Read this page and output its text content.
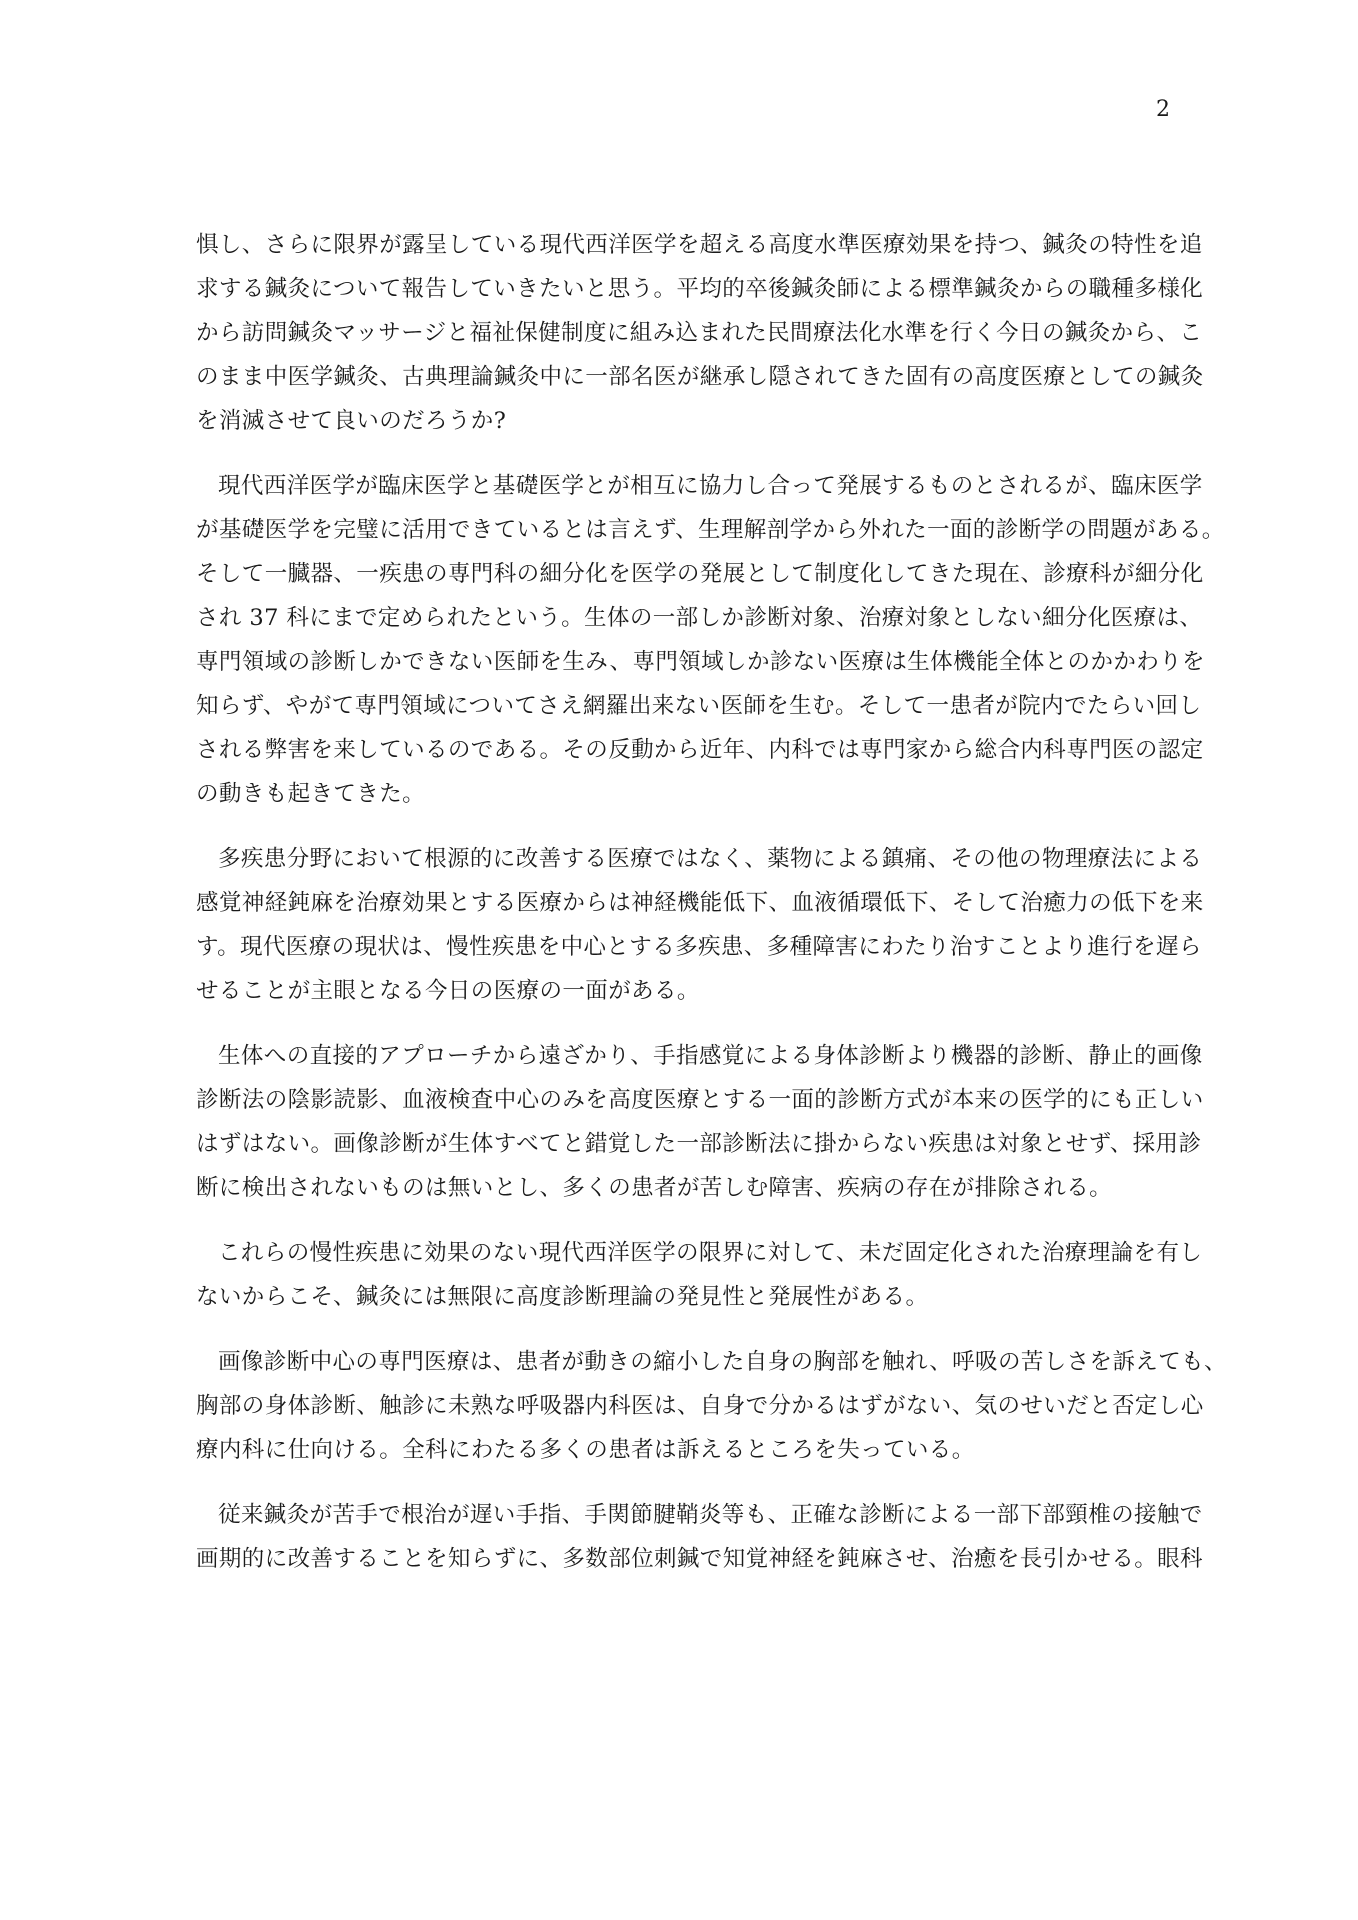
2

惧し、さらに限界が露呈している現代西洋医学を超える高度水準医療効果を持つ、鍼灸の特性を追
求する鍼灸について報告していきたいと思う。平均的卒後鍼灸師による標準鍼灸からの職種多様化
から訪問鍼灸マッサージと福祉保健制度に組み込まれた民間療法化水準を行く今日の鍼灸から、こ
のまま中医学鍼灸、古典理論鍼灸中に一部名医が継承し隠されてきた固有の高度医療としての鍼灸
を消滅させて良いのだろうか?

現代西洋医学が臨床医学と基礎医学とが相互に協力し合って発展するものとされるが、臨床医学
が基礎医学を完璧に活用できているとは言えず、生理解剖学から外れた一面的診断学の問題がある。
そして一臓器、一疾患の専門科の細分化を医学の発展として制度化してきた現在、診療科が細分化
され 37 科にまで定められたという。生体の一部しか診断対象、治療対象としない細分化医療は、
専門領域の診断しかできない医師を生み、専門領域しか診ない医療は生体機能全体とのかかわりを
知らず、やがて専門領域についてさえ網羅出来ない医師を生む。そして一患者が院内でたらい回し
される弊害を来しているのである。その反動から近年、内科では専門家から総合内科専門医の認定
の動きも起きてきた。

多疾患分野において根源的に改善する医療ではなく、薬物による鎮痛、その他の物理療法による
感覚神経鈍麻を治療効果とする医療からは神経機能低下、血液循環低下、そして治癒力の低下を来
す。現代医療の現状は、慢性疾患を中心とする多疾患、多種障害にわたり治すことより進行を遅ら
せることが主眼となる今日の医療の一面がある。

生体への直接的アプローチから遠ざかり、手指感覚による身体診断より機器的診断、静止的画像
診断法の陰影読影、血液検査中心のみを高度医療とする一面的診断方式が本来の医学的にも正しい
はずはない。画像診断が生体すべてと錯覚した一部診断法に掛からない疾患は対象とせず、採用診
断に検出されないものは無いとし、多くの患者が苦しむ障害、疾病の存在が排除される。

これらの慢性疾患に効果のない現代西洋医学の限界に対して、未だ固定化された治療理論を有し
ないからこそ、鍼灸には無限に高度診断理論の発見性と発展性がある。

画像診断中心の専門医療は、患者が動きの縮小した自身の胸部を触れ、呼吸の苦しさを訴えても、
胸部の身体診断、触診に未熟な呼吸器内科医は、自身で分かるはずがない、気のせいだと否定し心
療内科に仕向ける。全科にわたる多くの患者は訴えるところを失っている。

従来鍼灸が苦手で根治が遅い手指、手関節腱鞘炎等も、正確な診断による一部下部頸椎の接触で
画期的に改善することを知らずに、多数部位刺鍼で知覚神経を鈍麻させ、治癒を長引かせる。眼科
